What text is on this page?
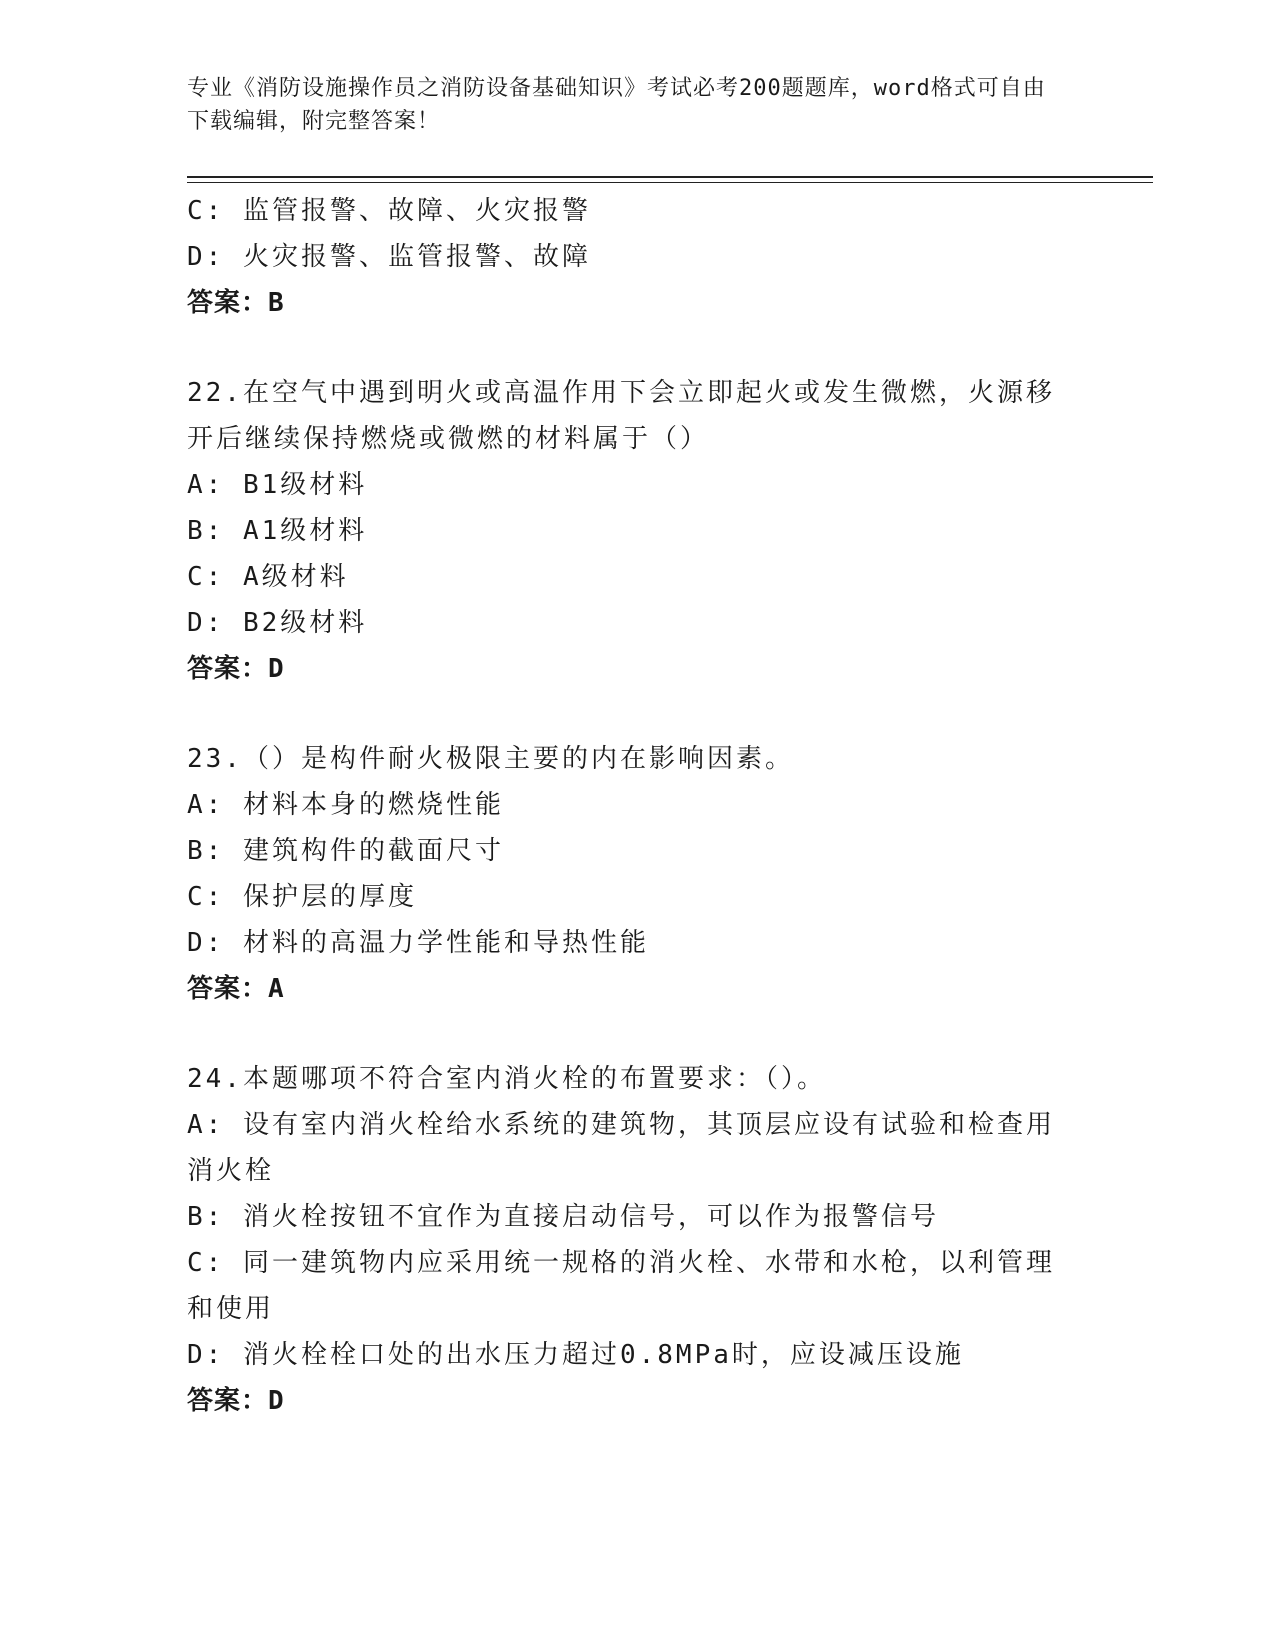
专业《消防设施操作员之消防设备基础知识》考试必考200题题库，word格式可自由下载编辑，附完整答案！
C: 监管报警、故障、火灾报警
D: 火灾报警、监管报警、故障
答案：B
22.在空气中遇到明火或高温作用下会立即起火或发生微燃，火源移开后继续保持燃烧或微燃的材料属于（）
A: B1级材料
B: A1级材料
C: A级材料
D: B2级材料
答案：D
23.（）是构件耐火极限主要的内在影响因素。
A: 材料本身的燃烧性能
B: 建筑构件的截面尺寸
C: 保护层的厚度
D: 材料的高温力学性能和导热性能
答案：A
24.本题哪项不符合室内消火栓的布置要求：（）。
A: 设有室内消火栓给水系统的建筑物，其顶层应设有试验和检查用消火栓
B: 消火栓按钮不宜作为直接启动信号，可以作为报警信号
C: 同一建筑物内应采用统一规格的消火栓、水带和水枪，以利管理和使用
D: 消火栓栓口处的出水压力超过0.8MPa时，应设减压设施
答案：D
